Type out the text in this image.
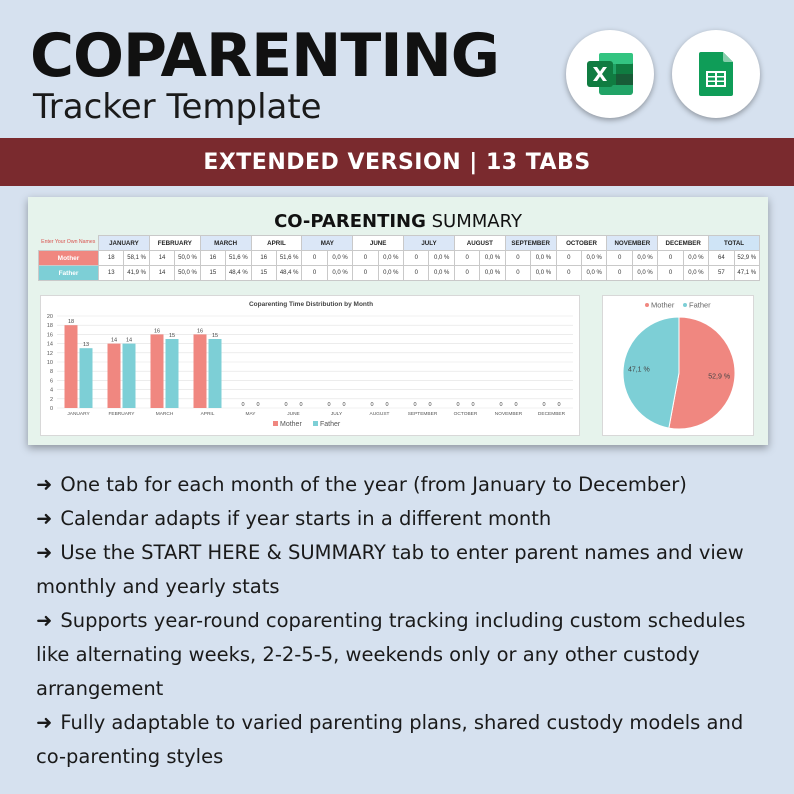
COPARENTING
Tracker Template
EXTENDED VERSION | 13 TABS
CO-PARENTING SUMMARY
Enter Your Own Names	JANUARY		FEBRUARY		MARCH		APRIL		MAY		JUNE		JULY		AUGUST		SEPTEMBER		OCTOBER		NOVEMBER		DECEMBER		TOTAL	
Mother	18	58,1 %	14	50,0 %	16	51,6 %	16	51,6 %	0	0,0 %	0	0,0 %	0	0,0 %	0	0,0 %	0	0,0 %	0	0,0 %	0	0,0 %	0	0,0 %	64	52,9 %
Father	13	41,9 %	14	50,0 %	15	48,4 %	15	48,4 %	0	0,0 %	0	0,0 %	0	0,0 %	0	0,0 %	0	0,0 %	0	0,0 %	0	0,0 %	0	0,0 %	57	47,1 %
Coparenting Time Distribution by Month
0
2
4
6
8
10
12
14
16
18
20
18
13
JANUARY
14 14
FEBRUARY
16
15
MARCH
16
15
APRIL
0 0
MAY
0 0
JUNE
0 0
JULY
0 0
AUGUST
0 0
SEPTEMBER
0 0
OCTOBER
0 0
NOVEMBER
0 0
DECEMBER
Mother	Father
52,9 %
47,1 %
Mother Father
➜ One tab for each month of the year (from January to December)
➜ Calendar adapts if year starts in a different month
➜ Use the START HERE & SUMMARY tab to enter parent names and view monthly and yearly stats
➜ Supports year-round coparenting tracking including custom schedules like alternating weeks, 2-2-5-5, weekends only or any other custody arrangement
➜ Fully adaptable to varied parenting plans, shared custody models and co-parenting styles
